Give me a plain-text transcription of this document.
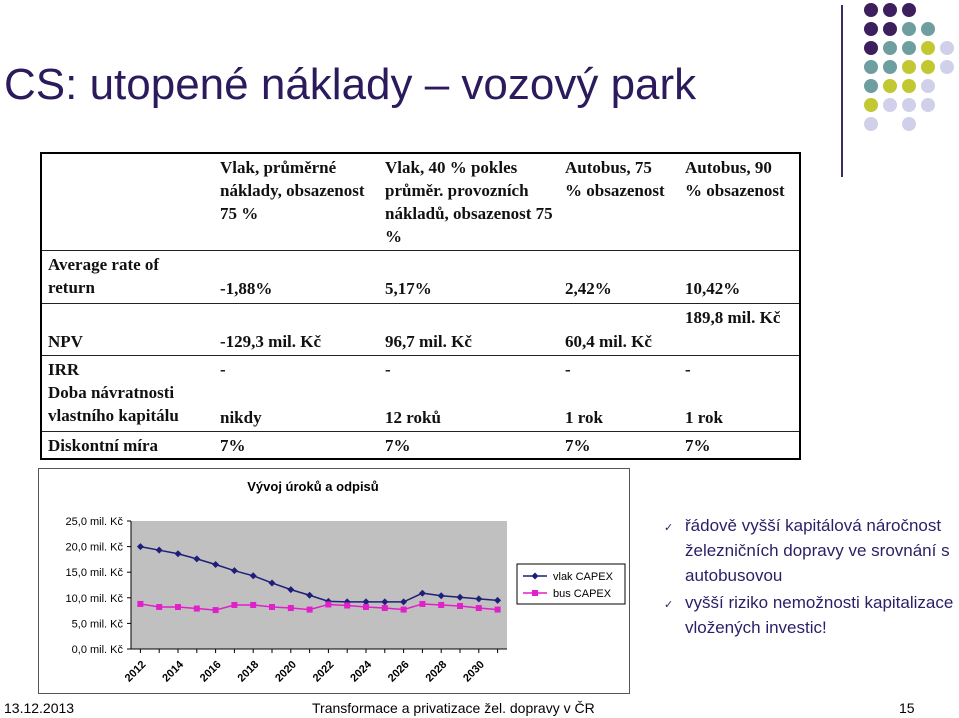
CS: utopené náklady – vozový park
	Vlak, průměrné náklady, obsazenost 75 %	Vlak, 40 % pokles průměr. provozních nákladů, obsazenost 75 %	Autobus, 75 % obsazenost	Autobus, 90 % obsazenost
Average rate of return	-1,88%	5,17%	2,42%	10,42%
NPV	-129,3 mil. Kč	96,7 mil. Kč	60,4 mil. Kč	189,8 mil. Kč
IRR	-	-	-	-
Doba návratnosti vlastního kapitálu	nikdy	12 roků	1 rok	1 rok
Diskontní míra	7%	7%	7%	7%
Vývoj úroků a odpisů
0,0 mil. Kč
5,0 mil. Kč
10,0 mil. Kč
15,0 mil. Kč
20,0 mil. Kč
25,0 mil. Kč
2012 2014 2016 2018 2020 2022 2024 2026 2028 2030
vlak CAPEX
bus CAPEX
✓ řádově vyšší kapitálová náročnost železničních dopravy ve srovnání s autobusovou
✓ vyšší riziko nemožnosti kapitalizace vložených investic!
13.12.2013	Transformace a privatizace žel. dopravy v ČR	15
